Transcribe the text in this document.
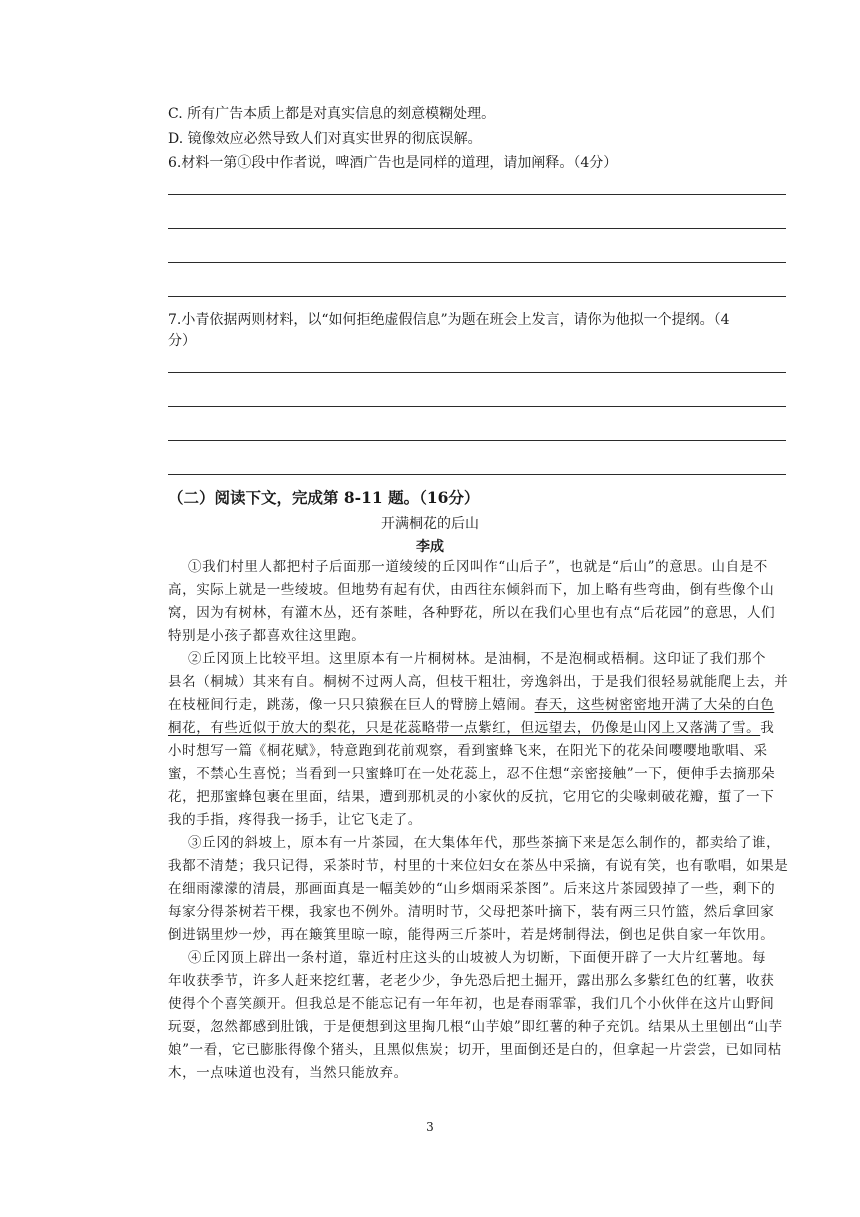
C. 所有广告本质上都是对真实信息的刻意模糊处理。
D. 镜像效应必然导致人们对真实世界的彻底误解。
6.材料一第①段中作者说，啤酒广告也是同样的道理，请加阐释。（4分）
7.小青依据两则材料，以“如何拒绝虚假信息”为题在班会上发言，请你为他拟一个提纲。（4
分）
（二）阅读下文，完成第 8-11 题。（16分）
开满桐花的后山
李成
①我们村里人都把村子后面那一道绫绫的丘冈叫作“山后子”，也就是“后山”的意思。山自是不
高，实际上就是一些绫坡。但地势有起有伏，由西往东倾斜而下，加上略有些弯曲，倒有些像个山
窝，因为有树林，有灌木丛，还有茶畦，各种野花，所以在我们心里也有点“后花园”的意思，人们
特别是小孩子都喜欢往这里跑。
②丘冈顶上比较平坦。这里原本有一片桐树林。是油桐，不是泡桐或梧桐。这印证了我们那个
县名（桐城）其来有自。桐树不过两人高，但枝干粗壮，旁逸斜出，于是我们很轻易就能爬上去，并
在枝桠间行走，跳荡，像一只只猿猴在巨人的臂膀上嬉闹。春天，这些树密密地开满了大朵的白色
桐花，有些近似于放大的梨花，只是花蕊略带一点紫红，但远望去，仍像是山冈上又落满了雪。我
小时想写一篇《桐花赋》，特意跑到花前观察，看到蜜蜂飞来，在阳光下的花朵间嘤嘤地歌唱、采
蜜，不禁心生喜悦；当看到一只蜜蜂叮在一处花蕊上，忍不住想“亲密接触”一下，便伸手去摘那朵
花，把那蜜蜂包裹在里面，结果，遭到那机灵的小家伙的反抗，它用它的尖喙刺破花瓣，蜇了一下
我的手指，疼得我一扬手，让它飞走了。
③丘冈的斜坡上，原本有一片茶园，在大集体年代，那些茶摘下来是怎么制作的，都卖给了谁，
我都不清楚；我只记得，采茶时节，村里的十来位妇女在茶丛中采摘，有说有笑，也有歌唱，如果是
在细雨濛濛的清晨，那画面真是一幅美妙的“山乡烟雨采茶图”。后来这片茶园毁掉了一些，剩下的
每家分得茶树若干棵，我家也不例外。清明时节，父母把茶叶摘下，装有两三只竹篮，然后拿回家
倒进锅里炒一炒，再在簸箕里晾一晾，能得两三斤茶叶，若是烤制得法，倒也足供自家一年饮用。
④丘冈顶上辟出一条村道，靠近村庄这头的山坡被人为切断，下面便开辟了一大片红薯地。每
年收获季节，许多人赶来挖红薯，老老少少，争先恐后把土掘开，露出那么多紫红色的红薯，收获
使得个个喜笑颜开。但我总是不能忘记有一年年初，也是春雨霏霏，我们几个小伙伴在这片山野间
玩耍，忽然都感到肚饿，于是便想到这里掏几根“山芋娘”即红薯的种子充饥。结果从土里刨出“山芋
娘”一看，它已膨胀得像个猪头，且黑似焦炭；切开，里面倒还是白的，但拿起一片尝尝，已如同枯
木，一点味道也没有，当然只能放弃。
3
